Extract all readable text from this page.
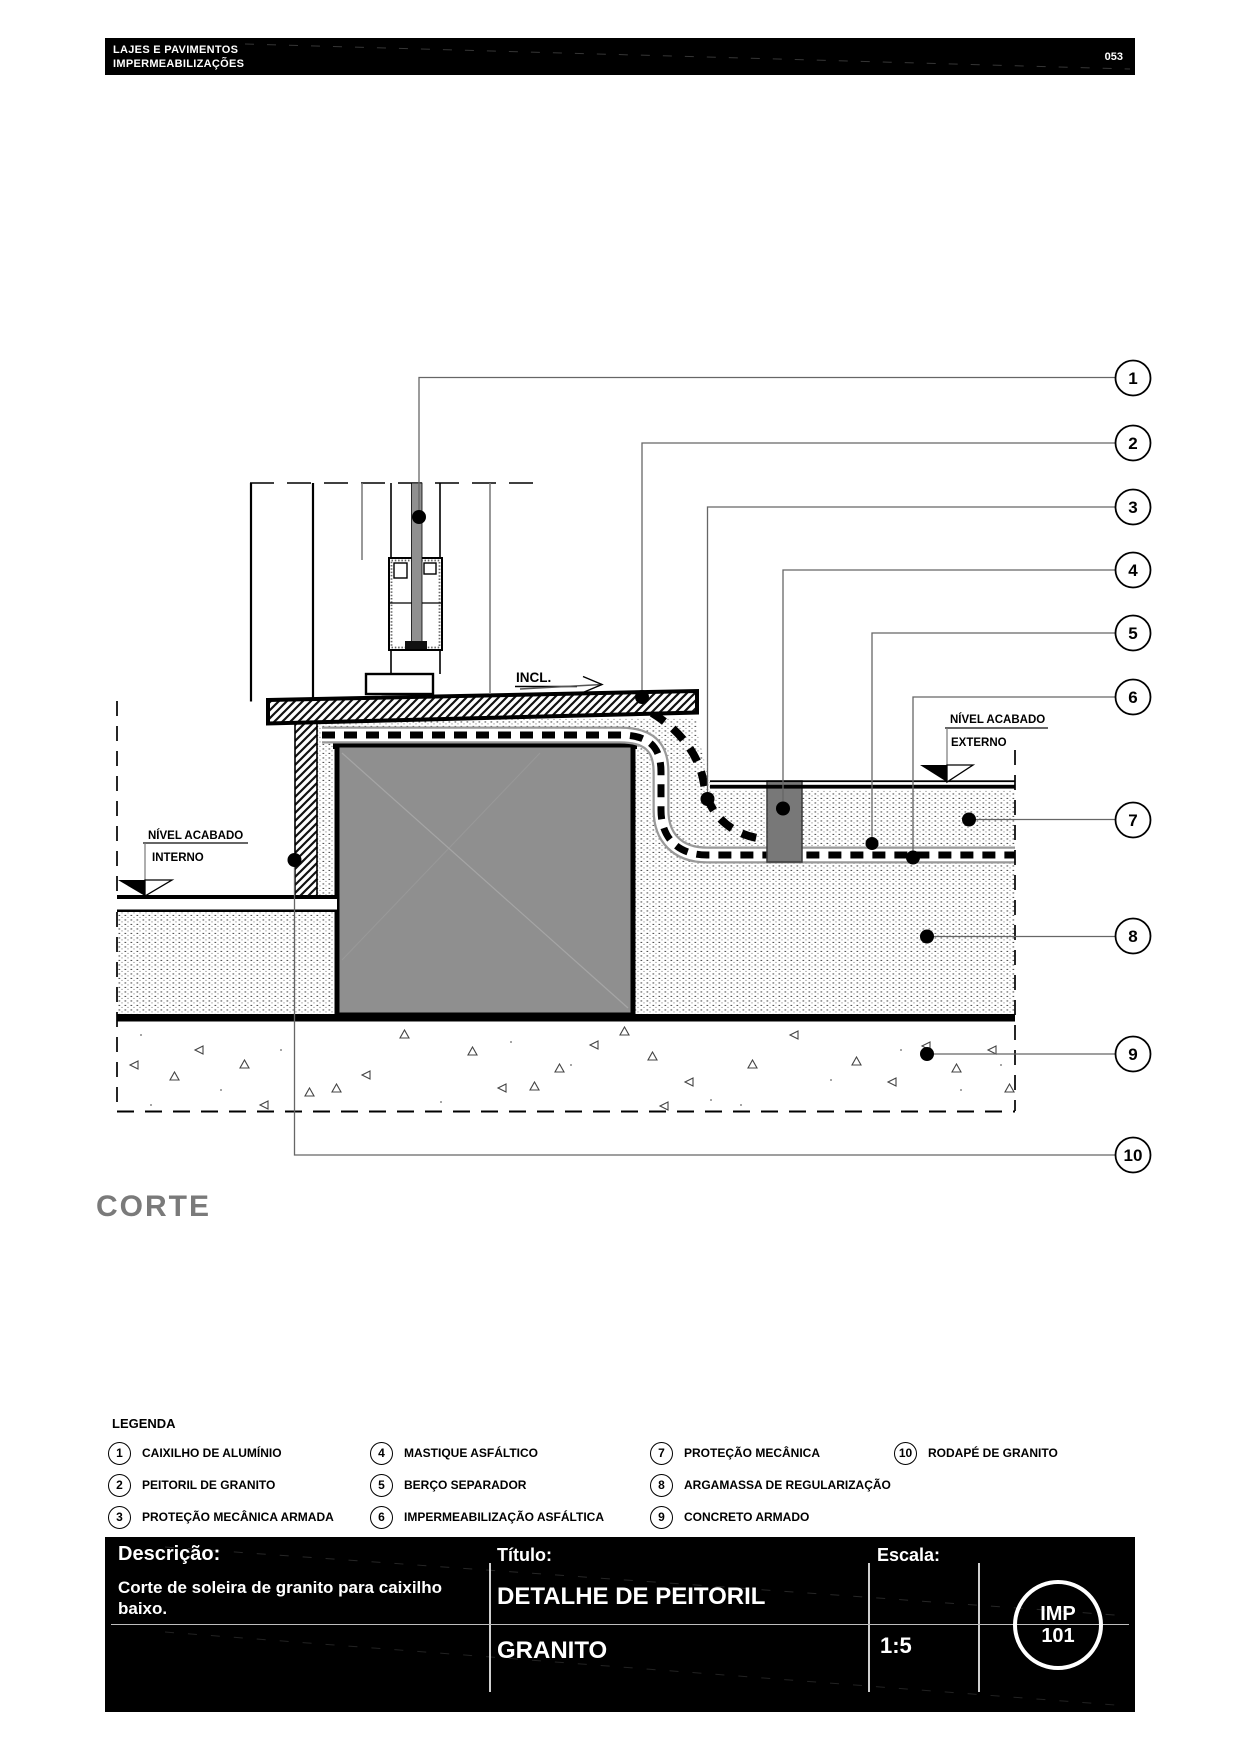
LAJES E PAVIMENTOS
IMPERMEABILIZAÇÕES
053
NÍVEL ACABADO
EXTERNO
NÍVEL ACABADO
INTERNO
INCL.
1
2
3
4
5
6
7
8
9
10
CORTE
LEGENDA
1	CAIXILHO DE ALUMÍNIO
2	PEITORIL DE GRANITO
3	PROTEÇÃO MECÂNICA ARMADA
4	MASTIQUE ASFÁLTICO
5	BERÇO SEPARADOR
6	IMPERMEABILIZAÇÃO ASFÁLTICA
7	PROTEÇÃO MECÂNICA
8	ARGAMASSA DE REGULARIZAÇÃO
9	CONCRETO ARMADO
10	RODAPÉ DE GRANITO
Descrição:
Corte de soleira de granito para caixilho baixo.
Título:
DETALHE DE PEITORIL
GRANITO
Escala:
1:5
IMP
101
